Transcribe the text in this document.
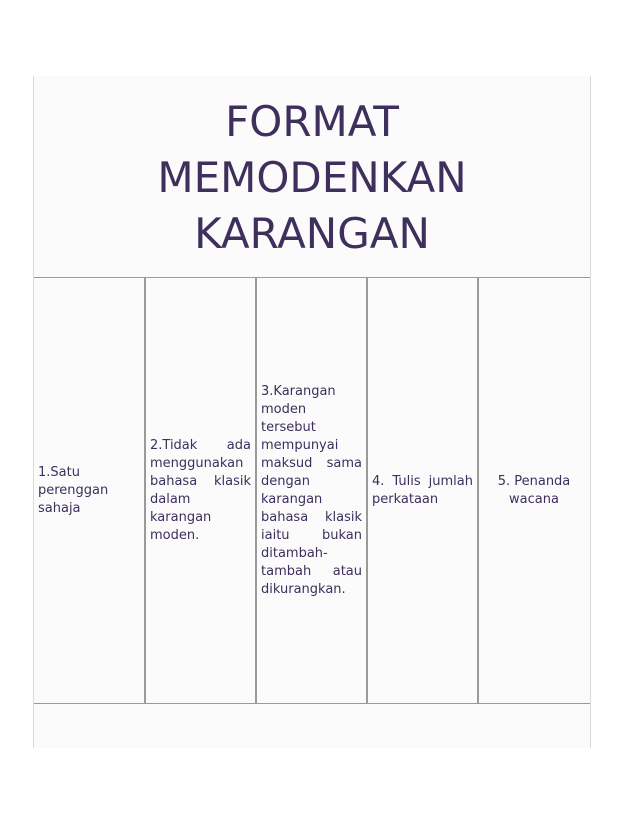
FORMAT
MEMODENKAN
KARANGAN
1.Satu perenggan sahaja
2.Tidak ada menggunakan bahasa klasik dalam karangan moden.
3.Karangan moden tersebut mempunyai maksud sama dengan karangan bahasa klasik iaitu bukan ditambah-tambah atau dikurangkan.
4. Tulis jumlah perkataan
5. Penanda wacana
